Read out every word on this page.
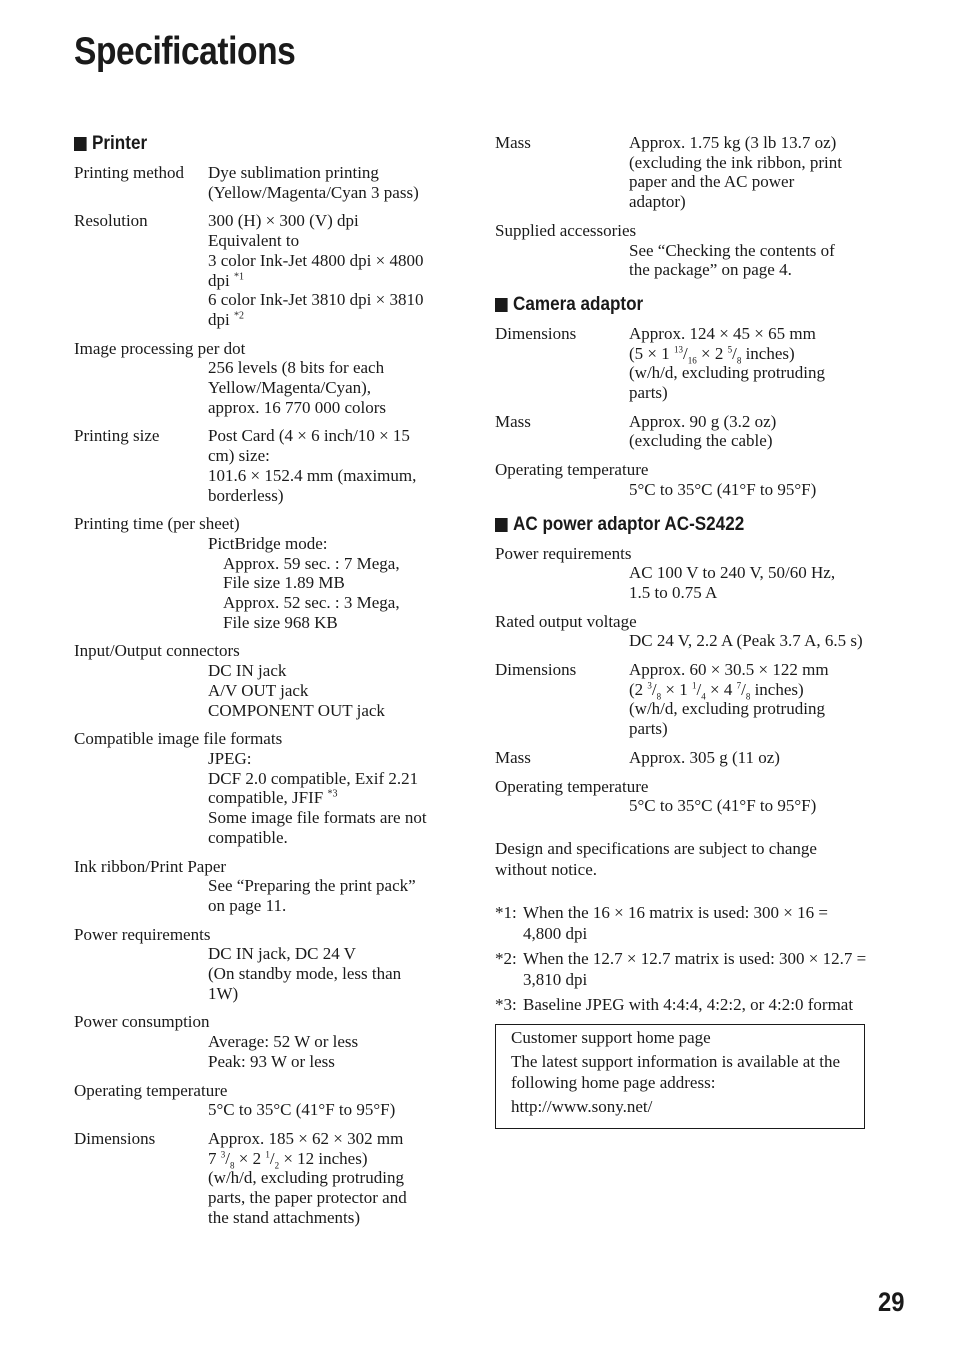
Specifications
Printer
Printing method Dye sublimation printing
(Yellow/Magenta/Cyan 3 pass)
Resolution	300 (H) × 300 (V) dpi
Equivalent to
3 color Ink-Jet 4800 dpi × 4800
dpi $^{*1}$
6 color Ink-Jet 3810 dpi × 3810
dpi $^{*2}$
Image processing per dot
256 levels (8 bits for each
Yellow/Magenta/Cyan),
approx. 16 770 000 colors
Printing size	Post Card (4 × 6 inch/10 × 15
cm) size:
101.6 × 152.4 mm (maximum,
borderless)
Printing time (per sheet)
PictBridge mode:
Approx. 59 sec. : 7 Mega,
File size 1.89 MB
Approx. 52 sec. : 3 Mega,
File size 968 KB
Input/Output connectors
DC IN jack
A/V OUT jack
COMPONENT OUT jack
Compatible image file formats
JPEG:
DCF 2.0 compatible, Exif 2.21
compatible, JFIF $^{*3}$
Some image file formats are not
compatible.
Ink ribbon/Print Paper
See “Preparing the print pack”
on page 11.
Power requirements
DC IN jack, DC 24 V
(On standby mode, less than
1W)
Power consumption
Average: 52 W or less
Peak: 93 W or less
Operating temperature
5°C to 35°C (41°F to 95°F)
Dimensions	Approx. 185 × 62 × 302 mm
7 $^3/_8 \times 2$ $^1/_2 \times 12$ inches)
(w/h/d, excluding protruding
parts, the paper protector and
the stand attachments)
Mass	Approx. 1.75 kg (3 lb 13.7 oz)
(excluding the ink ribbon, print
paper and the AC power
adaptor)
Supplied accessories
See “Checking the contents of
the package” on page 4.
Camera adaptor
Dimensions	Approx. 124 × 45 × 65 mm
(5 × 1 $^{13}/_{16} \times 2$ $^5/_8$ inches)
(w/h/d, excluding protruding
parts)
Mass	Approx. 90 g (3.2 oz)
(excluding the cable)
Operating temperature
5°C to 35°C (41°F to 95°F)
AC power adaptor AC-S2422
Power requirements
AC 100 V to 240 V, 50/60 Hz,
1.5 to 0.75 A
Rated output voltage
DC 24 V, 2.2 A (Peak 3.7 A, 6.5 s)
Dimensions	Approx. 60 × 30.5 × 122 mm
(2 $^3/_8 \times 1$ $^1/_4 \times 4$ $^7/_8$ inches)
(w/h/d, excluding protruding
parts)
Mass	Approx. 305 g (11 oz)
Operating temperature
5°C to 35°C (41°F to 95°F)
Design and specifications are subject to change without notice.
*1: When the 16 × 16 matrix is used: 300 × 16 = 4,800 dpi
*2: When the 12.7 × 12.7 matrix is used: 300 × 12.7 = 3,810 dpi
*3: Baseline JPEG with 4:4:4, 4:2:2, or 4:2:0 format

Customer support home page

The latest support information is available at the following home page address:

http://www.sony.net/

29
